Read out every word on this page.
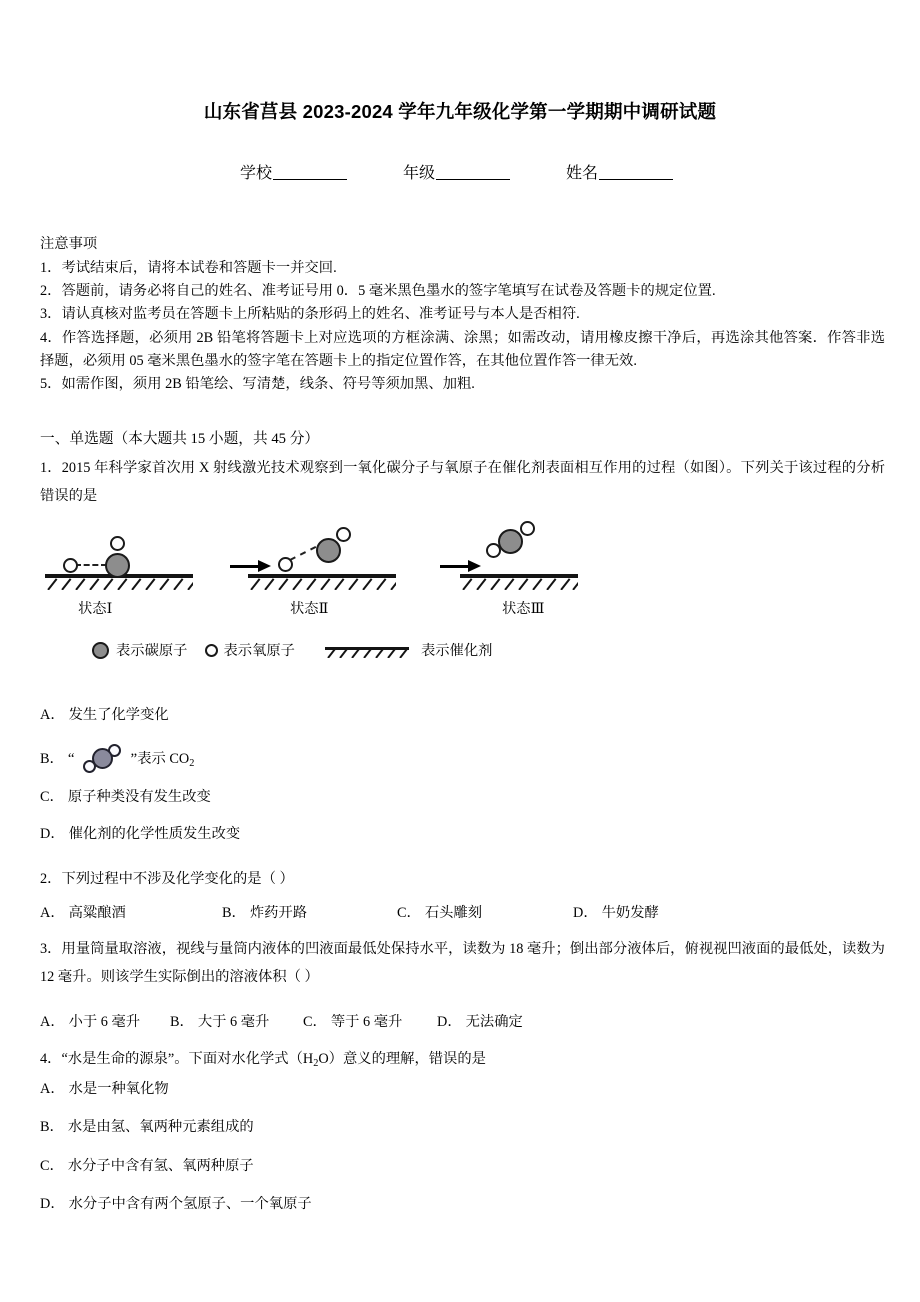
山东省莒县 2023-2024 学年九年级化学第一学期期中调研试题
学校	年级	姓名
注意事项
1．考试结束后，请将本试卷和答题卡一并交回.
2．答题前，请务必将自己的姓名、准考证号用 0．5 毫米黑色墨水的签字笔填写在试卷及答题卡的规定位置.
3．请认真核对监考员在答题卡上所粘贴的条形码上的姓名、准考证号与本人是否相符.
4．作答选择题，必须用 2B 铅笔将答题卡上对应选项的方框涂满、涂黑；如需改动，请用橡皮擦干净后，再选涂其他答案．作答非选择题，必须用 05 毫米黑色墨水的签字笔在答题卡上的指定位置作答，在其他位置作答一律无效.
5．如需作图，须用 2B 铅笔绘、写清楚，线条、符号等须加黑、加粗.
一、单选题（本大题共 15 小题，共 45 分）
1．2015 年科学家首次用 X 射线激光技术观察到一氧化碳分子与氧原子在催化剂表面相互作用的过程（如图）。下列关于该过程的分析错误的是
状态Ⅰ	状态Ⅱ	状态Ⅲ
表示碳原子	表示氧原子	表示催化剂
A． 发生了化学变化
B． “	”表示 $CO_2$
C． 原子种类没有发生改变
D． 催化剂的化学性质发生改变
2．下列过程中不涉及化学变化的是（ ）
A． 高粱酿酒	B． 炸药开路	C． 石头雕刻	D． 牛奶发酵
3．用量筒量取溶液，视线与量筒内液体的凹液面最低处保持水平，读数为 18 毫升；倒出部分液体后，俯视视凹液面的最低处，读数为 12 毫升。则该学生实际倒出的溶液体积（ ）
A． 小于 6 毫升	B． 大于 6 毫升	C． 等于 6 毫升	D． 无法确定
4．“水是生命的源泉”。下面对水化学式$(H_2O)$意义的理解，错误的是
A． 水是一种氧化物
B． 水是由氢、氧两种元素组成的
C． 水分子中含有氢、氧两种原子
D． 水分子中含有两个氢原子、一个氧原子
